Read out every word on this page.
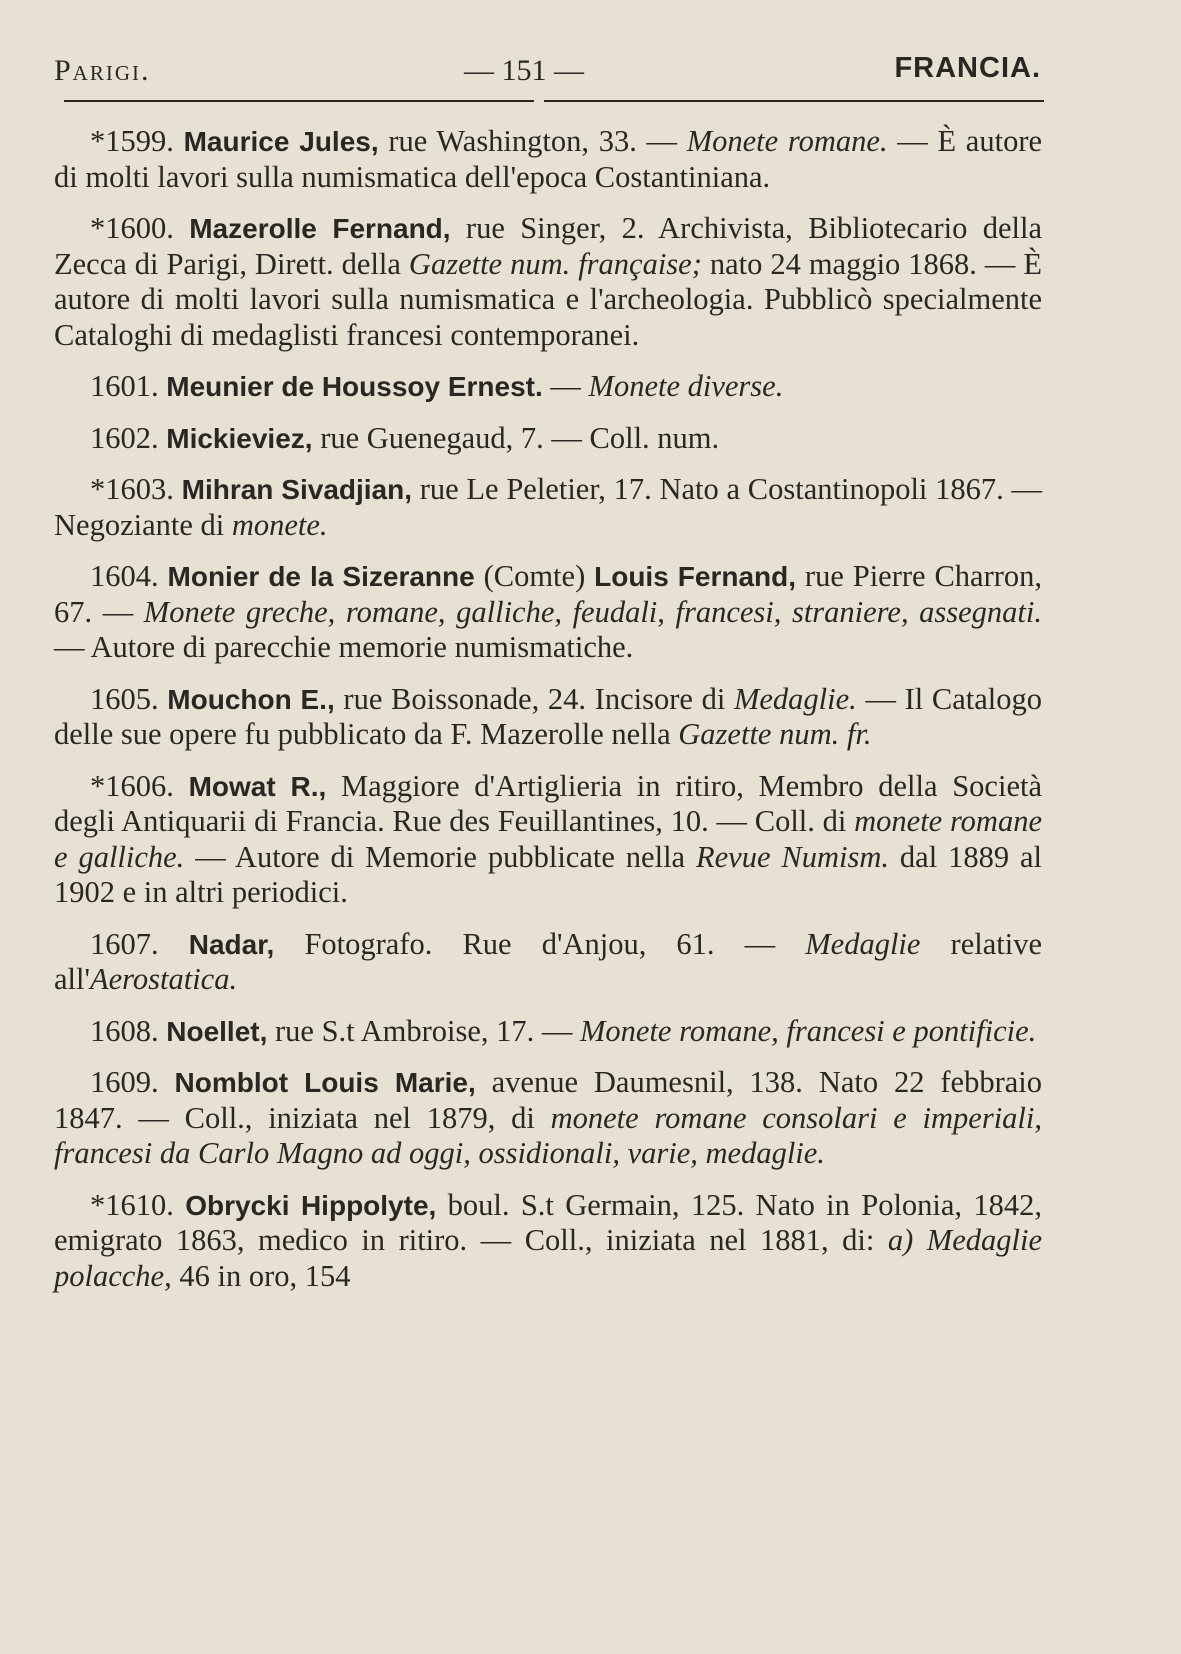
Parigi.	— 151 —	FRANCIA.

*1599. Maurice Jules, rue Washington, 33. — Monete romane. — È autore di molti lavori sulla numismatica dell'epoca Costantiniana.

*1600. Mazerolle Fernand, rue Singer, 2. Archivista, Bibliotecario della Zecca di Parigi, Dirett. della Gazette num. française; nato 24 maggio 1868. — È autore di molti lavori sulla numismatica e l'archeologia. Pubblicò specialmente Cataloghi di medaglisti francesi contemporanei.

1601. Meunier de Houssoy Ernest. — Monete diverse.

1602. Mickieviez, rue Guenegaud, 7. — Coll. num.

*1603. Mihran Sivadjian, rue Le Peletier, 17. Nato a Costantinopoli 1867. — Negoziante di monete.

1604. Monier de la Sizeranne (Comte) Louis Fernand, rue Pierre Charron, 67. — Monete greche, romane, galliche, feudali, francesi, straniere, assegnati. — Autore di parecchie memorie numismatiche.

1605. Mouchon E., rue Boissonade, 24. Incisore di Medaglie. — Il Catalogo delle sue opere fu pubblicato da F. Mazerolle nella Gazette num. fr.

*1606. Mowat R., Maggiore d'Artiglieria in ritiro, Membro della Società degli Antiquarii di Francia. Rue des Feuillantines, 10. — Coll. di monete romane e galliche. — Autore di Memorie pubblicate nella Revue Numism. dal 1889 al 1902 e in altri periodici.

1607. Nadar, Fotografo. Rue d'Anjou, 61. — Medaglie relative all'Aerostatica.

1608. Noellet, rue S.t Ambroise, 17. — Monete romane, francesi e pontificie.

1609. Nomblot Louis Marie, avenue Daumesnil, 138. Nato 22 febbraio 1847. — Coll., iniziata nel 1879, di monete romane consolari e imperiali, francesi da Carlo Magno ad oggi, ossidionali, varie, medaglie.

*1610. Obrycki Hippolyte, boul. S.t Germain, 125. Nato in Polonia, 1842, emigrato 1863, medico in ritiro. — Coll., iniziata nel 1881, di: a) Medaglie polacche, 46 in oro, 154
